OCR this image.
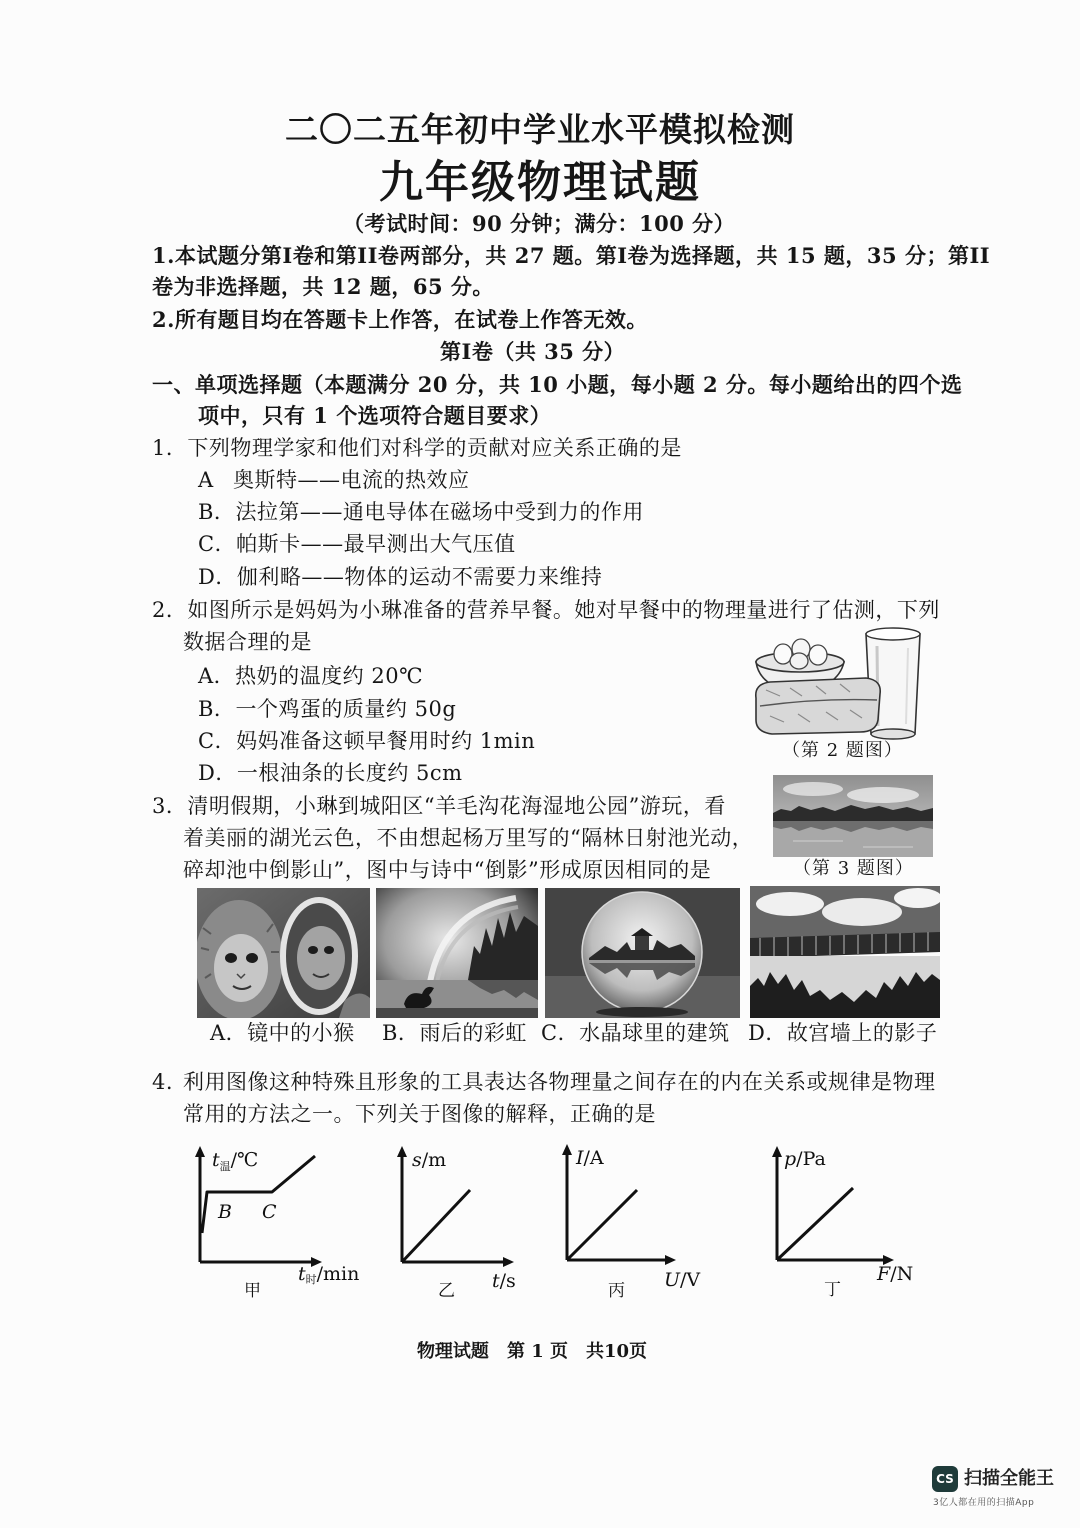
二〇二五年初中学业水平模拟检测
九年级物理试题
（考试时间：90 分钟；满分：100 分）
1.本试题分第I卷和第II卷两部分，共 27 题。第I卷为选择题，共 15 题，35 分；第II
卷为非选择题，共 12 题，65 分。
2.所有题目均在答题卡上作答，在试卷上作答无效。
第I卷（共 35 分）
一、单项选择题（本题满分 20 分，共 10 小题，每小题 2 分。每小题给出的四个选
项中，只有 1 个选项符合题目要求）
1．下列物理学家和他们对科学的贡献对应关系正确的是
A 奥斯特——电流的热效应
B．法拉第——通电导体在磁场中受到力的作用
C．帕斯卡——最早测出大气压值
D．伽利略——物体的运动不需要力来维持
2．如图所示是妈妈为小琳准备的营养早餐。她对早餐中的物理量进行了估测，下列
数据合理的是
A．热奶的温度约 20℃
B．一个鸡蛋的质量约 50g
C．妈妈准备这顿早餐用时约 1min
D．一根油条的长度约 5cm
（第 2 题图）
3．清明假期，小琳到城阳区“羊毛沟花海湿地公园”游玩，看
着美丽的湖光云色，不由想起杨万里写的“隔林日射池光动，
碎却池中倒影山”，图中与诗中“倒影”形成原因相同的是	（第 3 题图）
A．镜中的小猴 B．雨后的彩虹 C．水晶球里的建筑 D．故宫墙上的影子
4. 利用图像这种特殊且形象的工具表达各物理量之间存在的内在关系或规律是物理
常用的方法之一。下列关于图像的解释，正确的是
$t_温/℃$
B C
t时/min
甲
s/m
t/s
乙
I/A
U/V
丙
p/Pa
F/N
丁
物理试题 第 1 页 共10页
CS 扫描全能王
3亿人都在用的扫描App
